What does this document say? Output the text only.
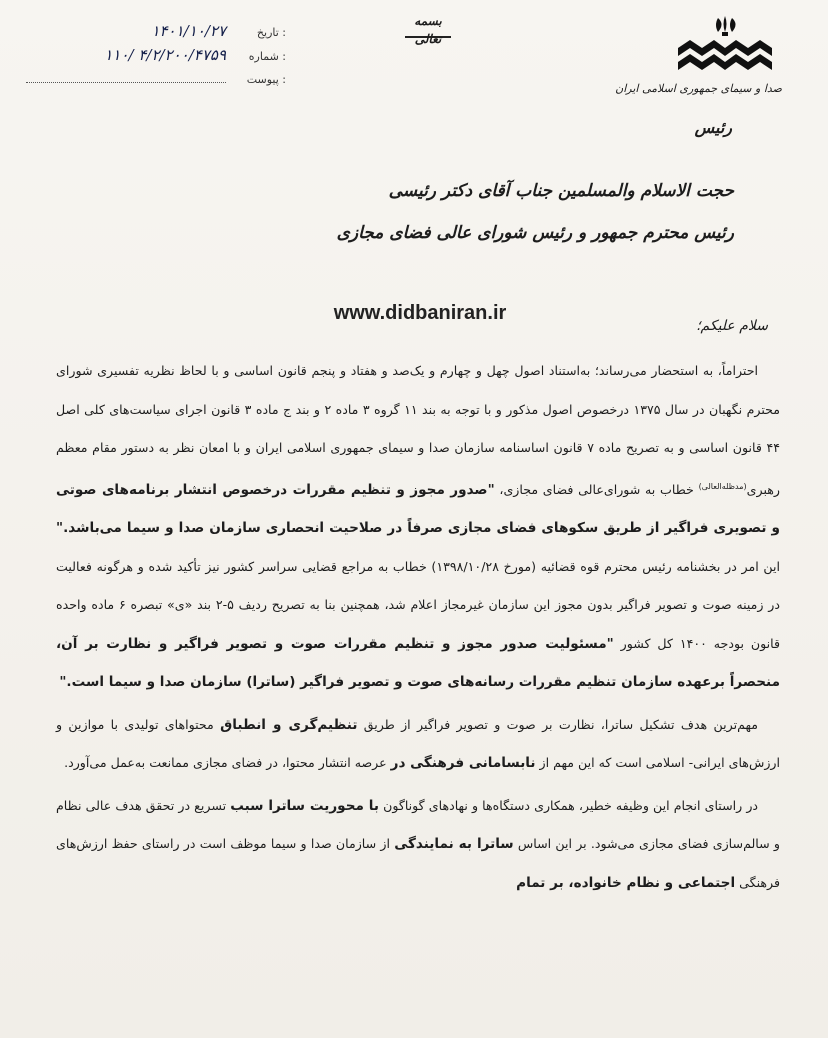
صدا و سیمای جمهوری اسلامی ایران
رئیس
بسمه تعالی
: تاریخ
۱۴۰۱/۱۰/۲۷
: شماره
۴/۲/۲۰۰/۴۷۵۹ /۱۱۰
: پیوست
حجت الاسلام والمسلمین جناب آقای دکتر رئیسی
رئیس محترم جمهور و رئیس شورای عالی فضای مجازی
www.didbaniran.ir
سلام علیکم؛

احتراماً، به استحضار می‌رساند؛ به‌استناد اصول چهل و چهارم و یک‌صد و هفتاد و پنجم قانون اساسی و با لحاظ نظریه تفسیری شورای محترم نگهبان در سال ۱۳۷۵ درخصوص اصول مذکور و با توجه به بند ۱۱ گروه ۳ ماده ۲ و بند ج ماده ۳ قانون اجرای سیاست‌های کلی اصل ۴۴ قانون اساسی و به تصریح ماده ۷ قانون اساسنامه سازمان صدا و سیمای جمهوری اسلامی ایران و با امعان نظر به دستور مقام معظم رهبری$^{(مدظله‌العالی)}$ خطاب به شورای‌عالی فضای مجازی، "صدور مجوز و تنظیم مقررات درخصوص انتشار برنامه‌های صوتی و تصویری فراگیر از طریق سکوهای فضای مجازی صرفاً در صلاحیت انحصاری سازمان صدا و سیما می‌باشد." این امر در بخشنامه رئیس محترم قوه قضائیه (مورخ ۱۳۹۸/۱۰/۲۸) خطاب به مراجع قضایی سراسر کشور نیز تأکید شده و هرگونه فعالیت در زمینه صوت و تصویر فراگیر بدون مجوز این سازمان غیرمجاز اعلام شد، همچنین بنا به تصریح ردیف ۵-۲ بند «ی» تبصره ۶ ماده واحده قانون بودجه ۱۴۰۰ کل کشور "مسئولیت صدور مجوز و تنظیم مقررات صوت و تصویر فراگیر و نظارت بر آن، منحصراً برعهده سازمان تنظیم مقررات رسانه‌های صوت و تصویر فراگیر (ساترا) سازمان صدا و سیما است."

مهم‌ترین هدف تشکیل ساترا، نظارت بر صوت و تصویر فراگیر از طریق تنظیم‌گری و انطباق محتواهای تولیدی با موازین و ارزش‌های ایرانی- اسلامی است که این مهم از نابسامانی فرهنگی در عرصه انتشار محتوا، در فضای مجازی ممانعت به‌عمل می‌آورد.

در راستای انجام این وظیفه خطیر، همکاری دستگاه‌ها و نهادهای گوناگون با محوریت ساترا سبب تسریع در تحقق هدف عالی نظام و سالم‌سازی فضای مجازی می‌شود. بر این اساس ساترا به نمایندگی از سازمان صدا و سیما موظف است در راستای حفظ ارزش‌های فرهنگی اجتماعی و نظام خانواده، بر تمام
